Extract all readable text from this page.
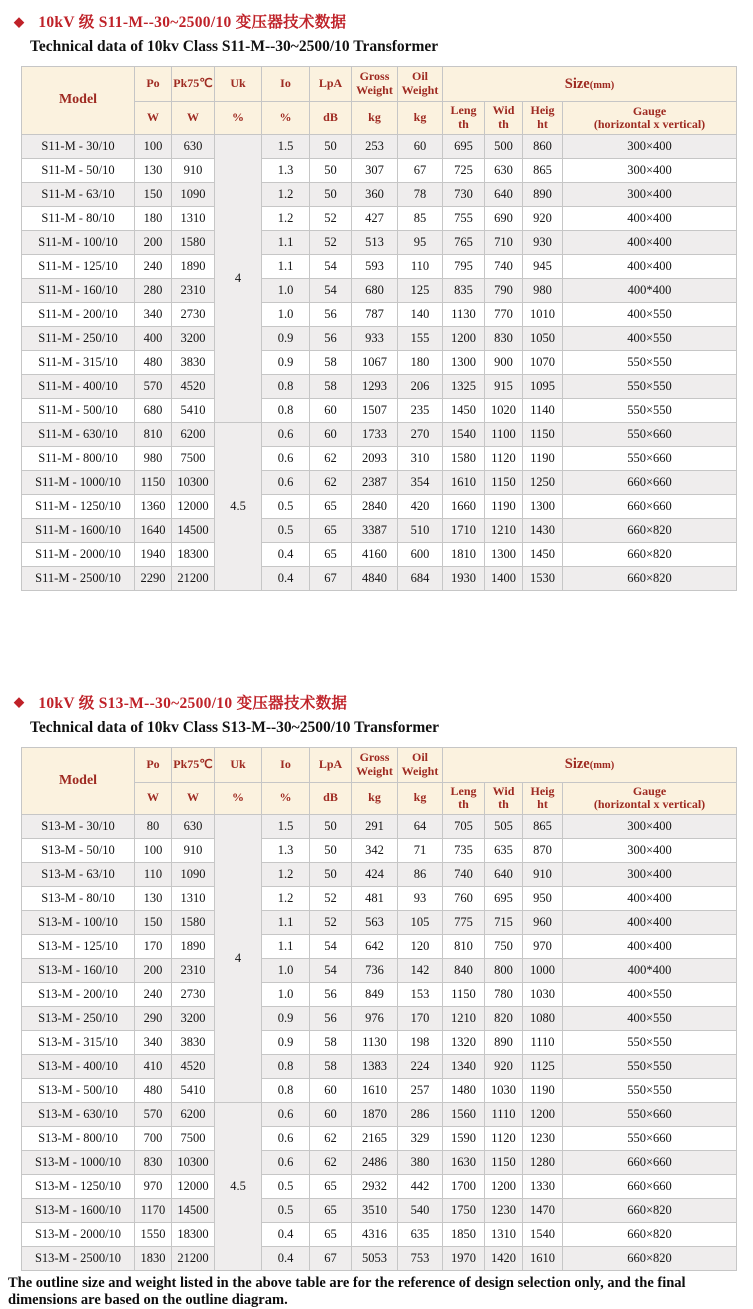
◆ 10kV 级 S11-M--30~2500/10 变压器技术数据
Technical data of 10kv Class S11-M--30~2500/10 Transformer
Model	Po	Pk75℃	Uk	Io	LpA	Gross Weight	Oil Weight	Size(mm)			
	W	W	%	%	dB	kg	kg	Leng th	Wid th	Heig ht	Gauge
(horizontal x vertical)

S11-M - 30/10	100	630	4	1.5	50	253	60	695	500	860	300×400
S11-M - 50/10	130	910		1.3	50	307	67	725	630	865	300×400
S11-M - 63/10	150	1090		1.2	50	360	78	730	640	890	300×400
S11-M - 80/10	180	1310		1.2	52	427	85	755	690	920	400×400
S11-M - 100/10	200	1580		1.1	52	513	95	765	710	930	400×400
S11-M - 125/10	240	1890		1.1	54	593	110	795	740	945	400×400
S11-M - 160/10	280	2310		1.0	54	680	125	835	790	980	400*400
S11-M - 200/10	340	2730		1.0	56	787	140	1130	770	1010	400×550
S11-M - 250/10	400	3200		0.9	56	933	155	1200	830	1050	400×550
S11-M - 315/10	480	3830		0.9	58	1067	180	1300	900	1070	550×550
S11-M - 400/10	570	4520		0.8	58	1293	206	1325	915	1095	550×550
S11-M - 500/10	680	5410		0.8	60	1507	235	1450	1020	1140	550×550
S11-M - 630/10	810	6200	4.5	0.6	60	1733	270	1540	1100	1150	550×660
S11-M - 800/10	980	7500		0.6	62	2093	310	1580	1120	1190	550×660
S11-M - 1000/10	1150	10300		0.6	62	2387	354	1610	1150	1250	660×660
S11-M - 1250/10	1360	12000		0.5	65	2840	420	1660	1190	1300	660×660
S11-M - 1600/10	1640	14500		0.5	65	3387	510	1710	1210	1430	660×820
S11-M - 2000/10	1940	18300		0.4	65	4160	600	1810	1300	1450	660×820
S11-M - 2500/10	2290	21200		0.4	67	4840	684	1930	1400	1530	660×820
◆ 10kV 级 S13-M--30~2500/10 变压器技术数据
Technical data of 10kv Class S13-M--30~2500/10 Transformer
Model	Po	Pk75℃	Uk	Io	LpA	Gross Weight	Oil Weight	Size(mm)			
	W	W	%	%	dB	kg	kg	Leng th	Wid th	Heig ht	Gauge
(horizontal x vertical)

S13-M - 30/10	80	630	4	1.5	50	291	64	705	505	865	300×400
S13-M - 50/10	100	910		1.3	50	342	71	735	635	870	300×400
S13-M - 63/10	110	1090		1.2	50	424	86	740	640	910	300×400
S13-M - 80/10	130	1310		1.2	52	481	93	760	695	950	400×400
S13-M - 100/10	150	1580		1.1	52	563	105	775	715	960	400×400
S13-M - 125/10	170	1890		1.1	54	642	120	810	750	970	400×400
S13-M - 160/10	200	2310		1.0	54	736	142	840	800	1000	400*400
S13-M - 200/10	240	2730		1.0	56	849	153	1150	780	1030	400×550
S13-M - 250/10	290	3200		0.9	56	976	170	1210	820	1080	400×550
S13-M - 315/10	340	3830		0.9	58	1130	198	1320	890	1110	550×550
S13-M - 400/10	410	4520		0.8	58	1383	224	1340	920	1125	550×550
S13-M - 500/10	480	5410		0.8	60	1610	257	1480	1030	1190	550×550
S13-M - 630/10	570	6200	4.5	0.6	60	1870	286	1560	1110	1200	550×660
S13-M - 800/10	700	7500		0.6	62	2165	329	1590	1120	1230	550×660
S13-M - 1000/10	830	10300		0.6	62	2486	380	1630	1150	1280	660×660
S13-M - 1250/10	970	12000		0.5	65	2932	442	1700	1200	1330	660×660
S13-M - 1600/10	1170	14500		0.5	65	3510	540	1750	1230	1470	660×820
S13-M - 2000/10	1550	18300		0.4	65	4316	635	1850	1310	1540	660×820
S13-M - 2500/10	1830	21200		0.4	67	5053	753	1970	1420	1610	660×820
The outline size and weight listed in the above table are for the reference of design selection only, and the final dimensions are based on the outline diagram.
